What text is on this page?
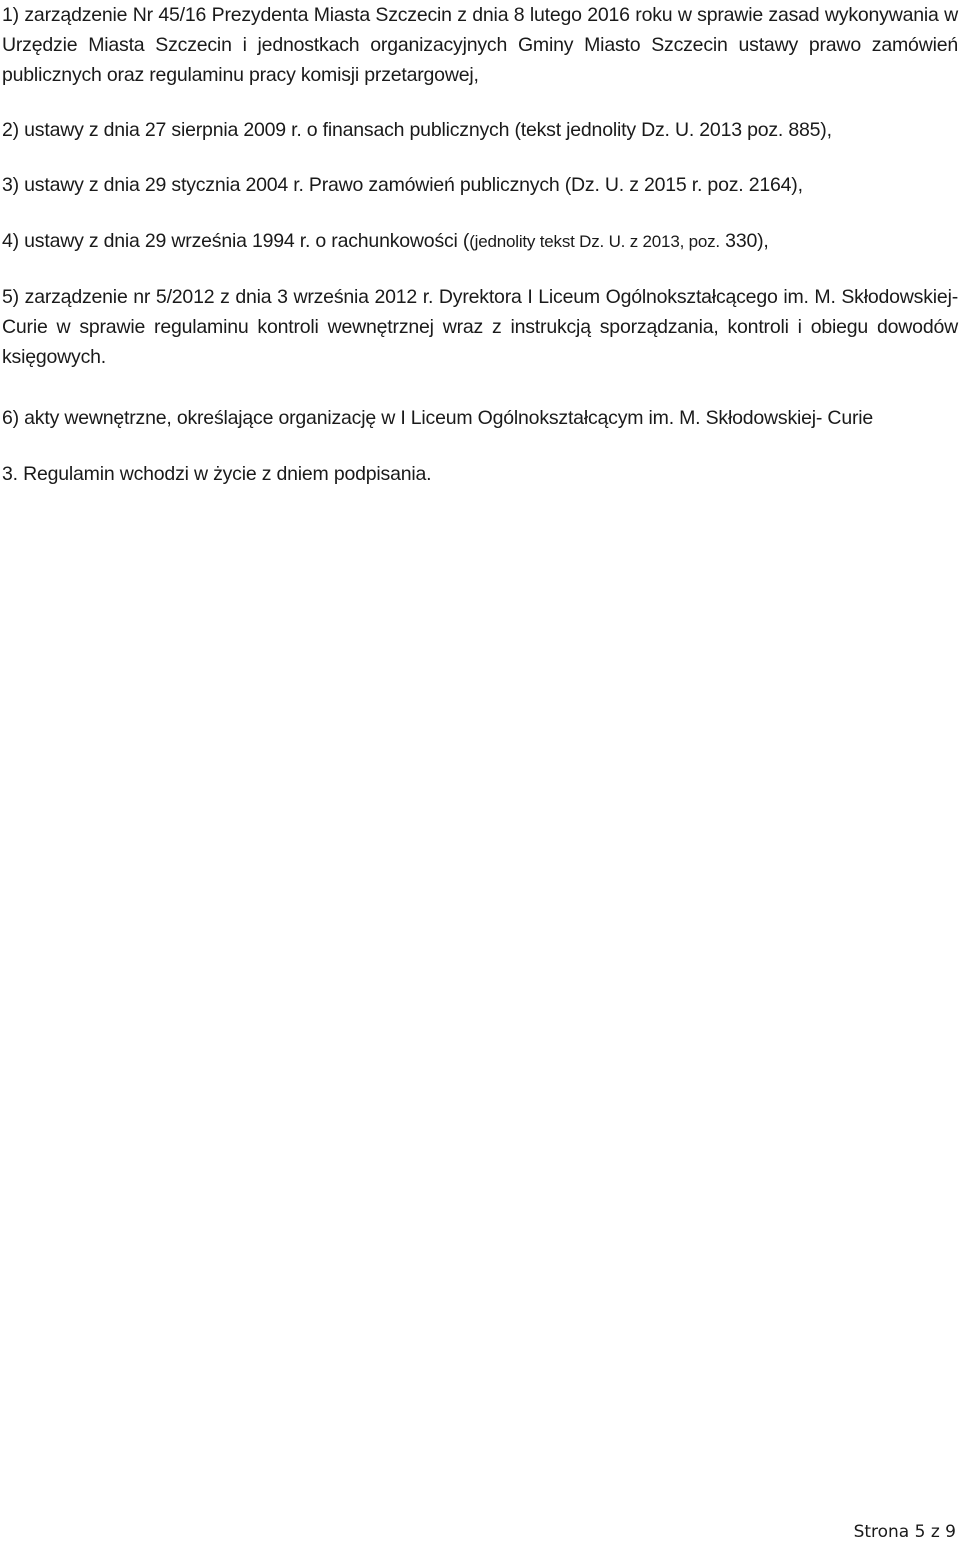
1) zarządzenie Nr 45/16 Prezydenta Miasta Szczecin z dnia 8 lutego 2016 roku w sprawie zasad wykonywania w Urzędzie Miasta Szczecin i jednostkach organizacyjnych Gminy Miasto Szczecin ustawy prawo zamówień publicznych oraz regulaminu pracy komisji przetargowej,

2) ustawy z dnia 27 sierpnia 2009 r. o finansach publicznych (tekst jednolity Dz. U. 2013 poz. 885),

3) ustawy z dnia 29 stycznia 2004 r. Prawo zamówień publicznych (Dz. U. z 2015 r. poz. 2164),

4) ustawy z dnia 29 września 1994 r. o rachunkowości ((jednolity tekst Dz. U. z 2013, poz. 330),

5) zarządzenie nr 5/2012 z dnia 3 września 2012 r. Dyrektora I Liceum Ogólnokształcącego im. M. Skłodowskiej- Curie w sprawie regulaminu kontroli wewnętrznej wraz z instrukcją sporządzania, kontroli i obiegu dowodów księgowych.

6) akty wewnętrzne, określające organizację w I Liceum Ogólnokształcącym im. M. Skłodowskiej- Curie

3. Regulamin wchodzi w życie z dniem podpisania.

Strona 5 z 9
